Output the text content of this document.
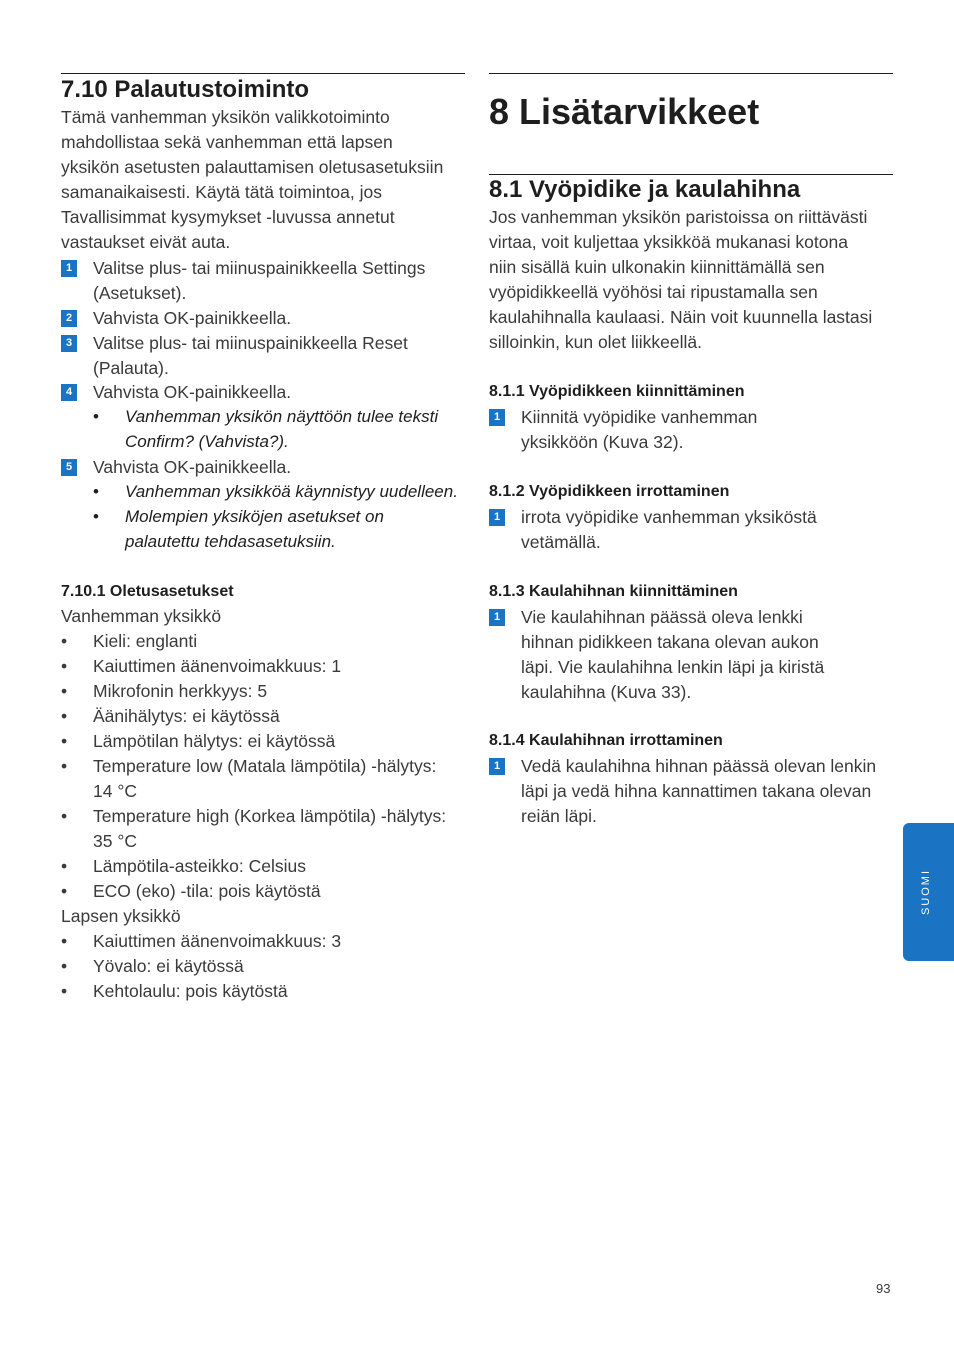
7.10 Palautustoiminto
Tämä vanhemman yksikön valikkotoiminto
mahdollistaa sekä vanhemman että lapsen
yksikön asetusten palauttamisen oletusasetuksiin
samanaikaisesti. Käytä tätä toimintoa, jos
Tavallisimmat kysymykset -luvussa annetut
vastaukset eivät auta.
1 Valitse plus- tai miinuspainikkeella Settings
(Asetukset).
2 Vahvista OK-painikkeella.
3 Valitse plus- tai miinuspainikkeella Reset
(Palauta).
4 Vahvista OK-painikkeella.
• Vanhemman yksikön näyttöön tulee teksti
Confirm? (Vahvista?).
5 Vahvista OK-painikkeella.
• Vanhemman yksikköä käynnistyy uudelleen.
• Molempien yksiköjen asetukset on
palautettu tehdasasetuksiin.
7.10.1 Oletusasetukset
Vanhemman yksikkö
• Kieli: englanti
• Kaiuttimen äänenvoimakkuus: 1
• Mikrofonin herkkyys: 5
• Äänihälytys: ei käytössä
• Lämpötilan hälytys: ei käytössä
• Temperature low (Matala lämpötila) -hälytys:
14 °C
• Temperature high (Korkea lämpötila) -hälytys:
35 °C
• Lämpötila-asteikko: Celsius
• ECO (eko) -tila: pois käytöstä
Lapsen yksikkö
• Kaiuttimen äänenvoimakkuus: 3
• Yövalo: ei käytössä
• Kehtolaulu: pois käytöstä
8 Lisätarvikkeet
8.1 Vyöpidike ja kaulahihna
Jos vanhemman yksikön paristoissa on riittävästi
virtaa, voit kuljettaa yksikköä mukanasi kotona
niin sisällä kuin ulkonakin kiinnittämällä sen
vyöpidikkeellä vyöhösi tai ripustamalla sen
kaulahihnalla kaulaasi. Näin voit kuunnella lastasi
silloinkin, kun olet liikkeellä.
8.1.1 Vyöpidikkeen kiinnittäminen
1 Kiinnitä vyöpidike vanhemman
yksikköön (Kuva 32).
8.1.2 Vyöpidikkeen irrottaminen
1 irrota vyöpidike vanhemman yksiköstä
vetämällä.
8.1.3 Kaulahihnan kiinnittäminen
1 Vie kaulahihnan päässä oleva lenkki
hihnan pidikkeen takana olevan aukon
läpi. Vie kaulahihna lenkin läpi ja kiristä
kaulahihna (Kuva 33).
8.1.4 Kaulahihnan irrottaminen
1 Vedä kaulahihna hihnan päässä olevan lenkin
läpi ja vedä hihna kannattimen takana olevan
reiän läpi.
SUOMI
93
